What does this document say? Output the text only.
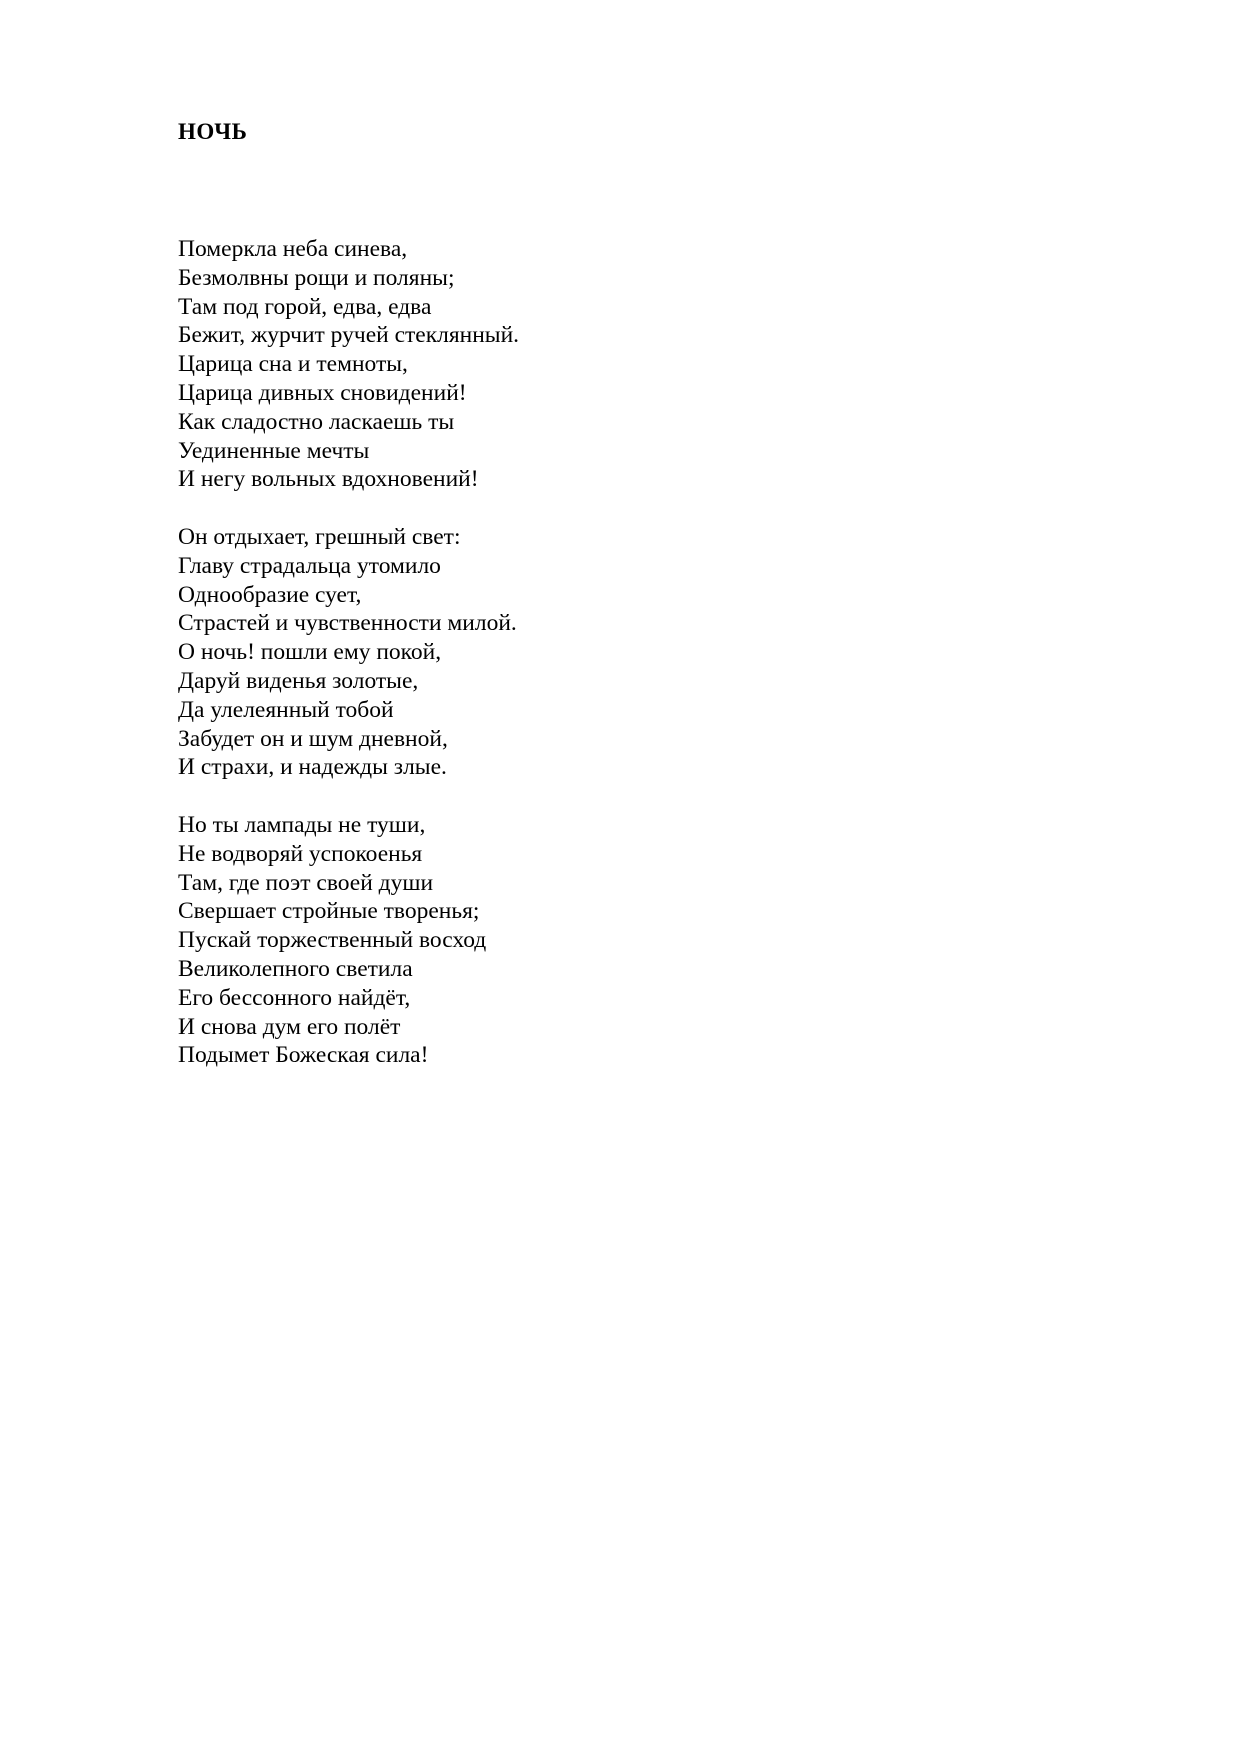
НОЧЬ

Померкла неба синева,
Безмолвны рощи и поляны;
Там под горой, едва, едва
Бежит, журчит ручей стеклянный.
Царица сна и темноты,
Царица дивных сновидений!
Как сладостно ласкаешь ты
Уединенные мечты
И негу вольных вдохновений!

Он отдыхает, грешный свет:
Главу страдальца утомило
Однообразие сует,
Страстей и чувственности милой.
О ночь! пошли ему покой,
Даруй виденья золотые,
Да улелеянный тобой
Забудет он и шум дневной,
И страхи, и надежды злые.

Но ты лампады не туши,
Не водворяй успокоенья
Там, где поэт своей души
Свершает стройные творенья;
Пускай торжественный восход
Великолепного светила
Его бессонного найдёт,
И снова дум его полёт
Подымет Божеская сила!
